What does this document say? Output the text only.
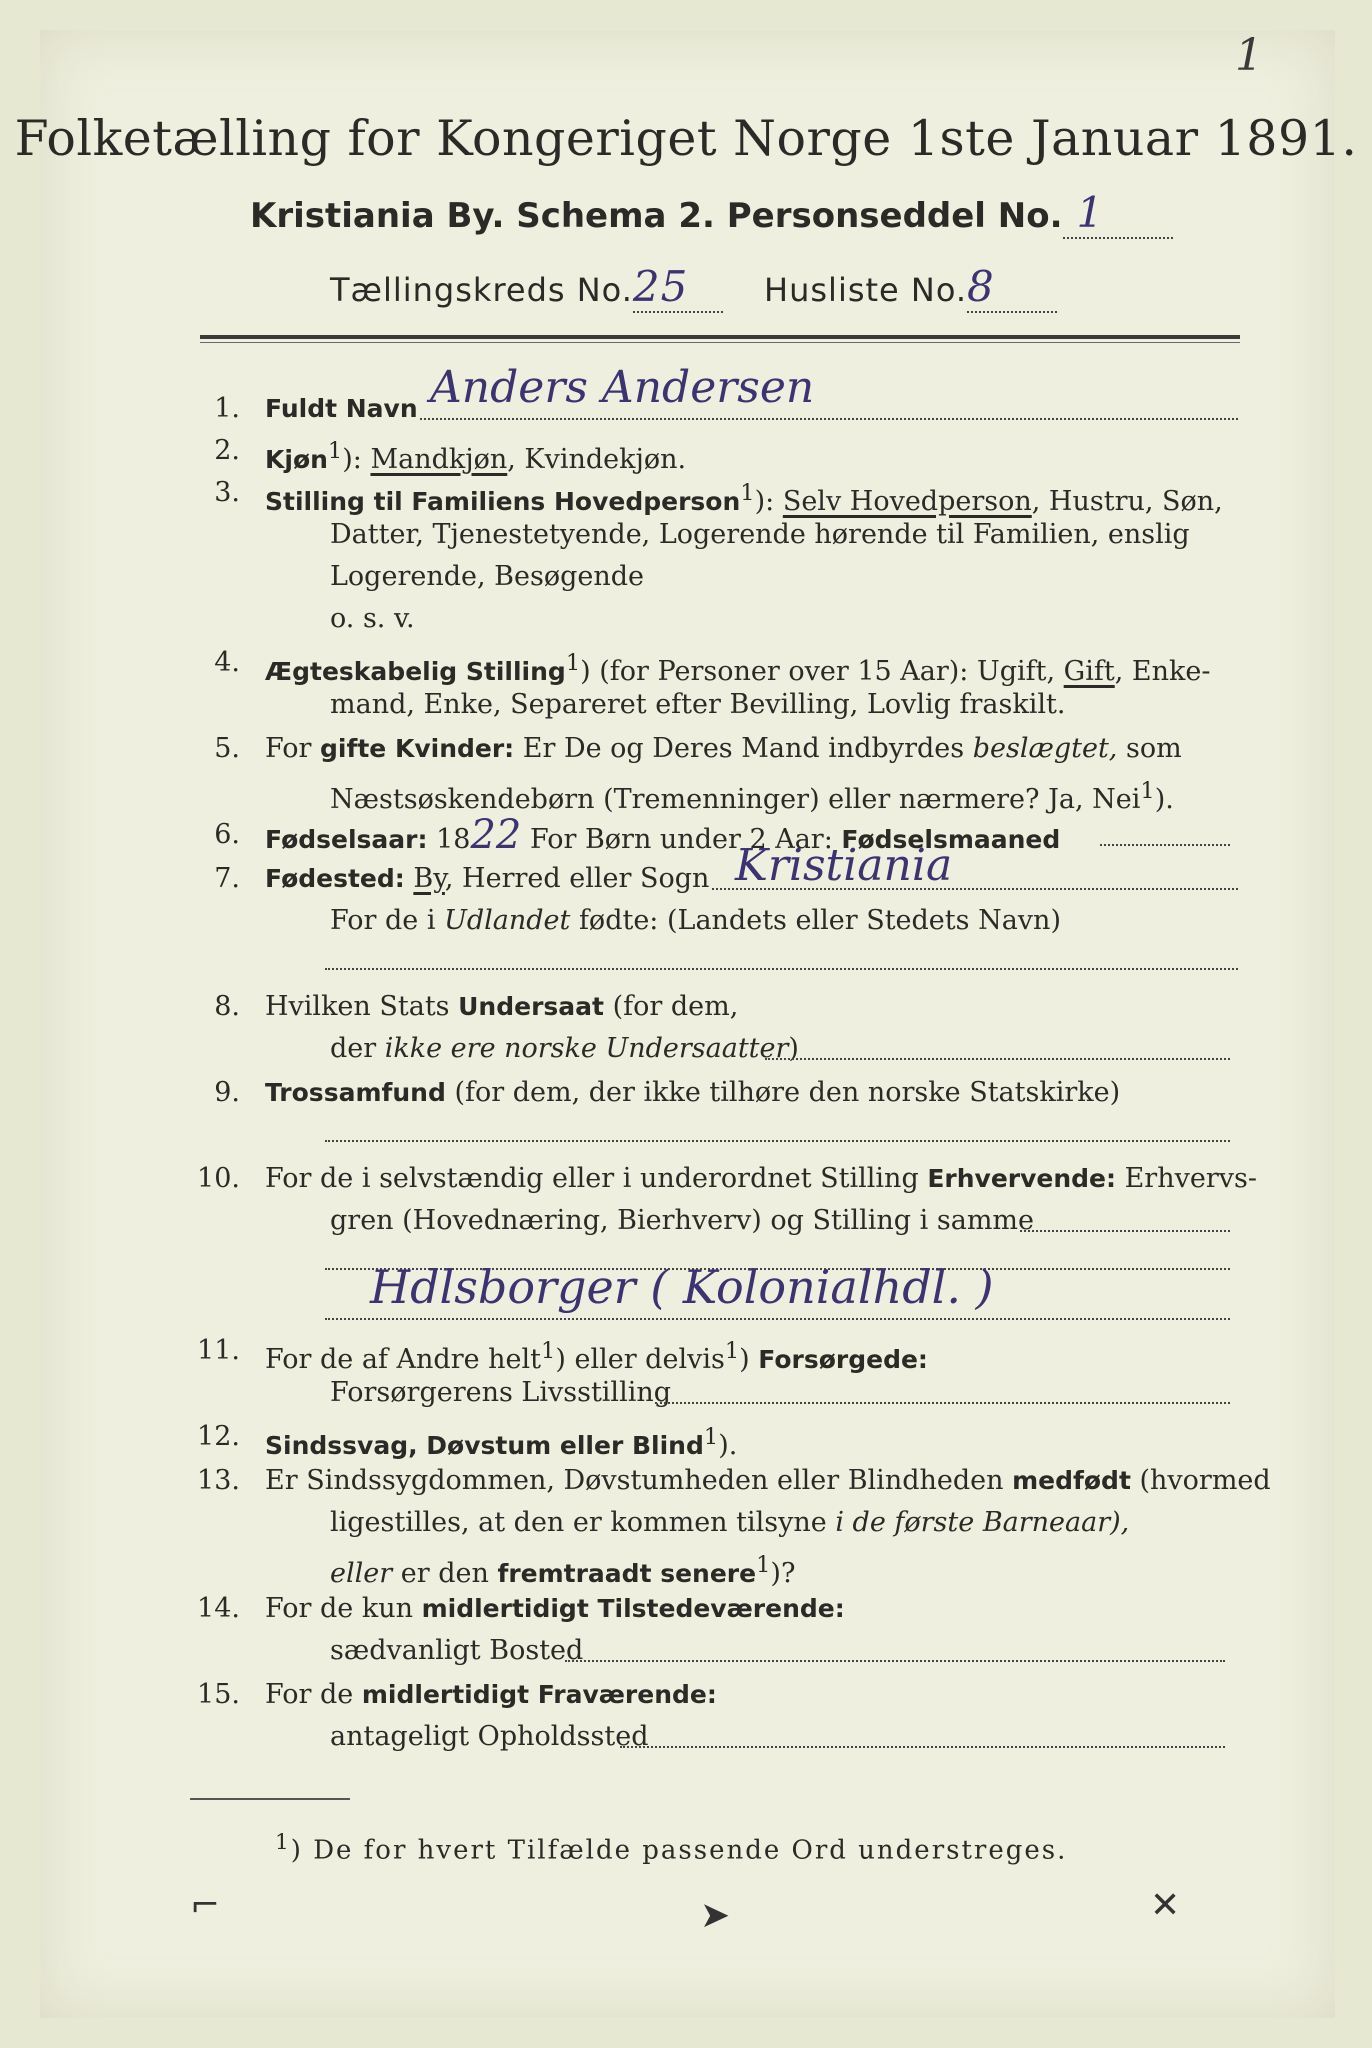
1
Folketælling for Kongeriget Norge 1ste Januar 1891.
Kristiania By. Schema 2. Personseddel No. 1
Tællingskreds No.25 Husliste No.8
1. Fuldt Navn Anders Andersen
2. Kjøn$^1$): Mandkjøn, Kvindekjøn.
3. Stilling til Familiens Hovedperson$^1$): Selv Hovedperson, Hustru, Søn,
Datter, Tjenestetyende, Logerende hørende til Familien, enslig
Logerende, Besøgende
o. s. v.
4. Ægteskabelig Stilling$^1$) (for Personer over 15 Aar): Ugift, Gift, Enke-
mand, Enke, Separeret efter Bevilling, Lovlig fraskilt.
5. For gifte Kvinder: Er De og Deres Mand indbyrdes beslægtet, som
Næstsøskendebørn (Tremenninger) eller nærmere? Ja, Nei$^1$).
6. Fødselsaar: 1822 For Børn under 2 Aar: Fødselsmaaned
7. Fødested: By, Herred eller Sogn Kristiania
For de i Udlandet fødte: (Landets eller Stedets Navn)
8. Hvilken Stats Undersaat (for dem,
der ikke ere norske Undersaatter)
9. Trossamfund (for dem, der ikke tilhøre den norske Statskirke)
10. For de i selvstændig eller i underordnet Stilling Erhvervende: Erhvervs-
gren (Hovednæring, Bierhverv) og Stilling i samme
Hdlsborger ( Kolonialhdl. )
11. For de af Andre helt$^1$) eller delvis$^1$) Forsørgede:
Forsørgerens Livsstilling
12. Sindssvag, Døvstum eller Blind$^1$).
13. Er Sindssygdommen, Døvstumheden eller Blindheden medfødt (hvormed
ligestilles, at den er kommen tilsyne i de første Barneaar),
eller er den fremtraadt senere$^1$)?
14. For de kun midlertidigt Tilstedeværende:
sædvanligt Bosted
15. For de midlertidigt Fraværende:
antageligt Opholdssted
$^1$) De for hvert Tilfælde passende Ord understreges.
⌐	➤	✕
